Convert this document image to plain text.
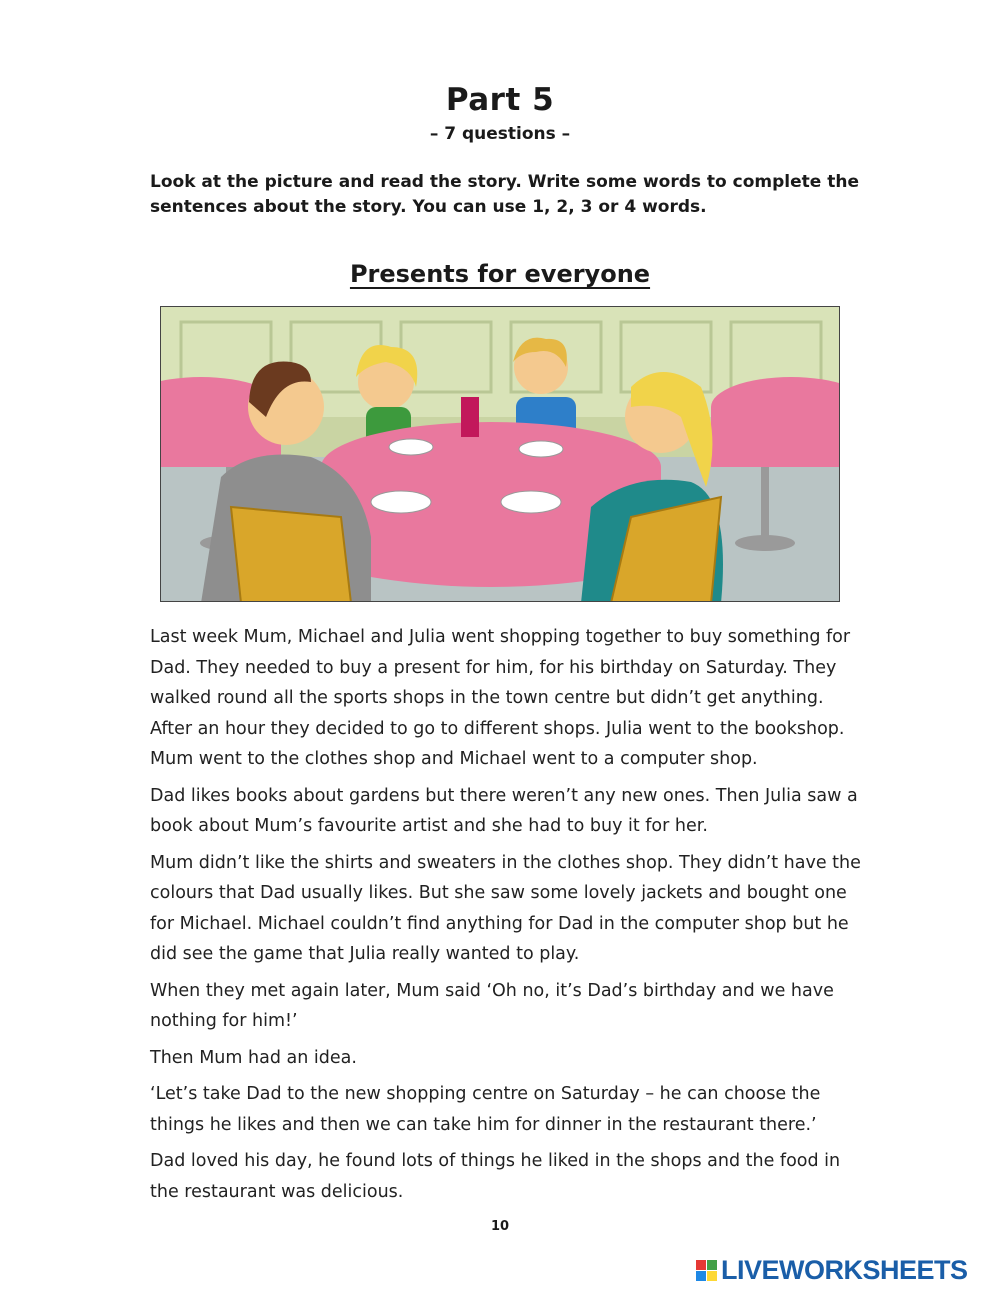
Part 5
– 7 questions –

Look at the picture and read the story. Write some words to complete the sentences about the story. You can use 1, 2, 3 or 4 words.

Presents for everyone

Last week Mum, Michael and Julia went shopping together to buy something for Dad. They needed to buy a present for him, for his birthday on Saturday. They walked round all the sports shops in the town centre but didn’t get anything. After an hour they decided to go to different shops. Julia went to the bookshop. Mum went to the clothes shop and Michael went to a computer shop.

Dad likes books about gardens but there weren’t any new ones. Then Julia saw a book about Mum’s favourite artist and she had to buy it for her.

Mum didn’t like the shirts and sweaters in the clothes shop. They didn’t have the colours that Dad usually likes. But she saw some lovely jackets and bought one for Michael. Michael couldn’t find anything for Dad in the computer shop but he did see the game that Julia really wanted to play.

When they met again later, Mum said ‘Oh no, it’s Dad’s birthday and we have nothing for him!’

Then Mum had an idea.

‘Let’s take Dad to the new shopping centre on Saturday – he can choose the things he likes and then we can take him for dinner in the restaurant there.’

Dad loved his day, he found lots of things he liked in the shops and the food in the restaurant was delicious.

10
LIVEWORKSHEETS
